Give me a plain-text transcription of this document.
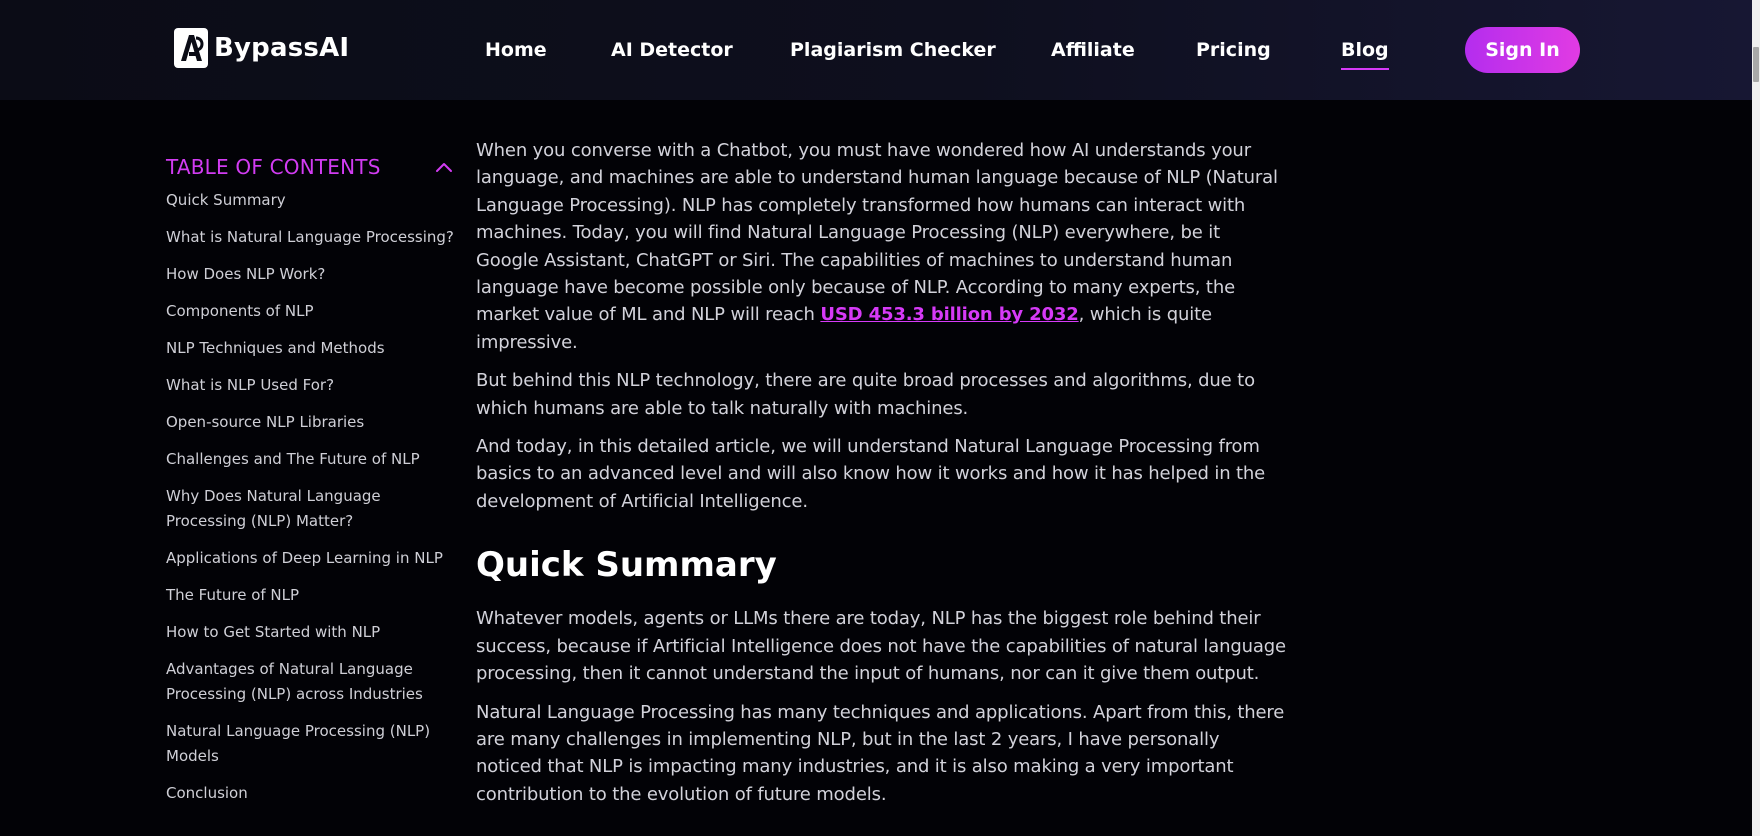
BypassAI	Home	AI Detector	Plagiarism Checker	Affiliate	Pricing	Blog	Sign In
TABLE OF CONTENTS
Quick Summary
What is Natural Language Processing?
How Does NLP Work?
Components of NLP
NLP Techniques and Methods
What is NLP Used For?
Open-source NLP Libraries
Challenges and The Future of NLP
Why Does Natural Language Processing (NLP) Matter?
Applications of Deep Learning in NLP
The Future of NLP
How to Get Started with NLP
Advantages of Natural Language Processing (NLP) across Industries
Natural Language Processing (NLP) Models
Conclusion

When you converse with a Chatbot, you must have wondered how AI understands your language, and machines are able to understand human language because of NLP (Natural Language Processing). NLP has completely transformed how humans can interact with machines. Today, you will find Natural Language Processing (NLP) everywhere, be it Google Assistant, ChatGPT or Siri. The capabilities of machines to understand human language have become possible only because of NLP. According to many experts, the market value of ML and NLP will reach USD 453.3 billion by 2032, which is quite impressive.

But behind this NLP technology, there are quite broad processes and algorithms, due to which humans are able to talk naturally with machines.

And today, in this detailed article, we will understand Natural Language Processing from basics to an advanced level and will also know how it works and how it has helped in the development of Artificial Intelligence.

Quick Summary

Whatever models, agents or LLMs there are today, NLP has the biggest role behind their success, because if Artificial Intelligence does not have the capabilities of natural language processing, then it cannot understand the input of humans, nor can it give them output.

Natural Language Processing has many techniques and applications. Apart from this, there are many challenges in implementing NLP, but in the last 2 years, I have personally noticed that NLP is impacting many industries, and it is also making a very important contribution to the evolution of future models.
